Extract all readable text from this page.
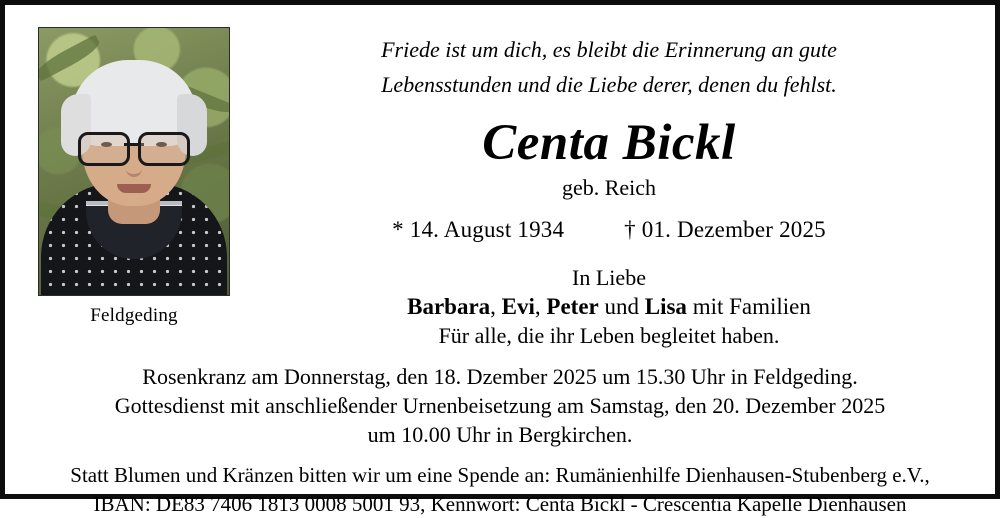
Feldgeding
Friede ist um dich, es bleibt die Erinnerung an gute
Lebensstunden und die Liebe derer, denen du fehlst.
Centa Bickl
geb. Reich
* 14. August 1934	† 01. Dezember 2025
In Liebe
Barbara, Evi, Peter und Lisa mit Familien
Für alle, die ihr Leben begleitet haben.
Rosenkranz am Donnerstag, den 18. Dzember 2025 um 15.30 Uhr in Feldgeding.
Gottesdienst mit anschließender Urnenbeisetzung am Samstag, den 20. Dezember 2025
um 10.00 Uhr in Bergkirchen.
Statt Blumen und Kränzen bitten wir um eine Spende an: Rumänienhilfe Dienhausen-Stubenberg e.V.,
IBAN: DE83 7406 1813 0008 5001 93, Kennwort: Centa Bickl - Crescentia Kapelle Dienhausen
